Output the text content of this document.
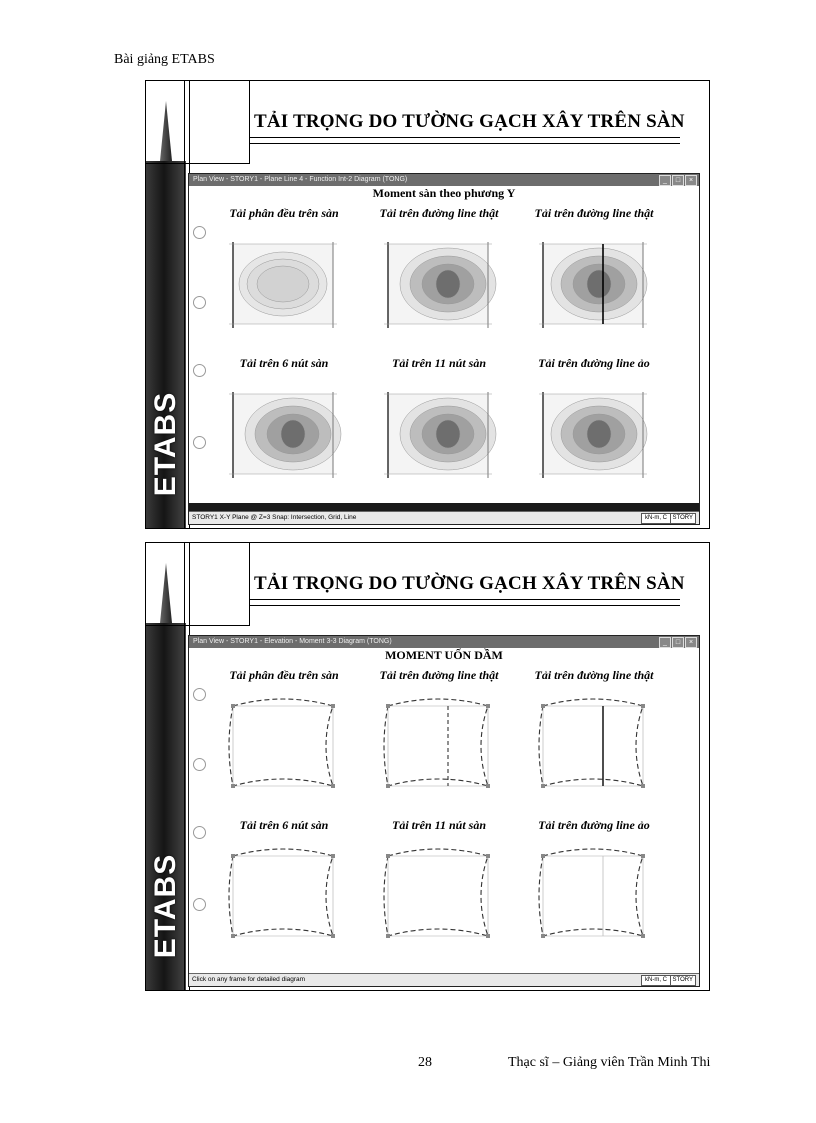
Bài giảng ETABS
ETABS
TẢI TRỌNG DO TƯỜNG GẠCH XÂY TRÊN SÀN
Plan View - STORY1 - Plane Line 4 - Function Int-2 Diagram (TONG)	_	□	×
Moment sàn theo phương Y
Tải phân đều trên sàn	Tải trên đường line thật	Tải trên đường line thật
Tải trên 6 nút sàn	Tải trên 11 nút sàn	Tải trên đường line ảo
STORY1 X-Y Plane @ Z=3 Snap: Intersection, Grid, Line	kN-m, C STORY
ETABS
TẢI TRỌNG DO TƯỜNG GẠCH XÂY TRÊN SÀN
Plan View - STORY1 - Elevation - Moment 3-3 Diagram (TONG)	_	□	×
MOMENT UỐN DẦM
Tải phân đều trên sàn	Tải trên đường line thật	Tải trên đường line thật
Tải trên 6 nút sàn	Tải trên 11 nút sàn	Tải trên đường line ảo
Click on any frame for detailed diagram	kN-m, C STORY
28	Thạc sĩ – Giảng viên Trần Minh Thi
